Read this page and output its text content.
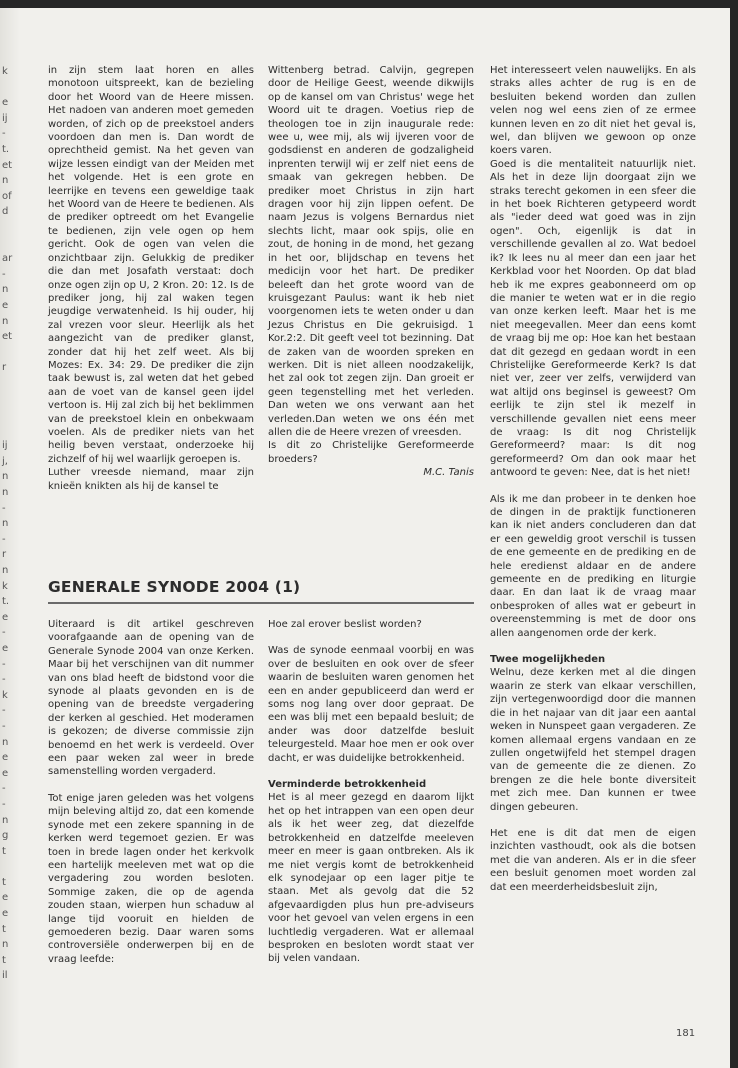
k

e
ij
-
t.
et
n
of
d

ar
-
n
e
n
et

r

ij
j,
n
n
-
n
-
r
n
k
t.
e
-
e
-
-
k
-
-
n
e
e
-
-
n
g
t

t
e
e
t
n
t
il

in zijn stem laat horen en alles monotoon uitspreekt, kan de bezieling door het Woord van de Heere missen. Het nadoen van anderen moet gemeden worden, of zich op de preekstoel anders voordoen dan men is. Dan wordt de oprechtheid gemist. Na het geven van wijze lessen eindigt van der Meiden met het volgende. Het is een grote en leerrijke en tevens een geweldige taak het Woord van de Heere te bedienen. Als de prediker optreedt om het Evangelie te bedienen, zijn vele ogen op hem gericht. Ook de ogen van velen die onzichtbaar zijn. Gelukkig de prediker die dan met Josafath verstaat: doch onze ogen zijn op U, 2 Kron. 20: 12. Is de prediker jong, hij zal waken tegen jeugdige verwatenheid. Is hij ouder, hij zal vrezen voor sleur. Heerlijk als het aangezicht van de prediker glanst, zonder dat hij het zelf weet. Als bij Mozes: Ex. 34: 29. De prediker die zijn taak bewust is, zal weten dat het gebed aan de voet van de kansel geen ijdel vertoon is. Hij zal zich bij het beklimmen van de preekstoel klein en onbekwaam voelen. Als de prediker niets van het heilig beven verstaat, onderzoeke hij zichzelf of hij wel waarlijk geroepen is.

Luther vreesde niemand, maar zijn knieën knikten als hij de kansel te

Wittenberg betrad. Calvijn, gegrepen door de Heilige Geest, weende dikwijls op de kansel om van Christus' wege het Woord uit te dragen. Voetius riep de theologen toe in zijn inaugurale rede: wee u, wee mij, als wij ijveren voor de godsdienst en anderen de godzaligheid inprenten terwijl wij er zelf niet eens de smaak van gekregen hebben. De prediker moet Christus in zijn hart dragen voor hij zijn lippen oefent. De naam Jezus is volgens Bernardus niet slechts licht, maar ook spijs, olie en zout, de honing in de mond, het gezang in het oor, blijdschap en tevens het medicijn voor het hart. De prediker beleeft dan het grote woord van de kruisgezant Paulus: want ik heb niet voorgenomen iets te weten onder u dan Jezus Christus en Die gekruisigd. 1 Kor.2:2. Dit geeft veel tot bezinning. Dat de zaken van de woorden spreken en werken. Dit is niet alleen noodzakelijk, het zal ook tot zegen zijn. Dan groeit er geen tegenstelling met het verleden. Dan weten we ons verwant aan het verleden.Dan weten we ons één met allen die de Heere vrezen of vreesden.

Is dit zo Christelijke Gereformeerde broeders?

M.C. Tanis

Het interesseert velen nauwelijks. En als straks alles achter de rug is en de besluiten bekend worden dan zullen velen nog wel eens zien of ze ermee kunnen leven en zo dit niet het geval is, wel, dan blijven we gewoon op onze koers varen.

Goed is die mentaliteit natuurlijk niet. Als het in deze lijn doorgaat zijn we straks terecht gekomen in een sfeer die in het boek Richteren getypeerd wordt als "ieder deed wat goed was in zijn ogen". Och, eigenlijk is dat in verschillende gevallen al zo. Wat bedoel ik? Ik lees nu al meer dan een jaar het Kerkblad voor het Noorden. Op dat blad heb ik me expres geabonneerd om op die manier te weten wat er in die regio van onze kerken leeft. Maar het is me niet meegevallen. Meer dan eens komt de vraag bij me op: Hoe kan het bestaan dat dit gezegd en gedaan wordt in een Christelijke Gereformeerde Kerk? Is dat niet ver, zeer ver zelfs, verwijderd van wat altijd ons beginsel is geweest? Om eerlijk te zijn stel ik mezelf in verschillende gevallen niet eens meer de vraag: Is dit nog Christelijk Gereformeerd? maar: Is dit nog gereformeerd? Om dan ook maar het antwoord te geven: Nee, dat is het niet!

Als ik me dan probeer in te denken hoe de dingen in de praktijk functioneren kan ik niet anders concluderen dan dat er een geweldig groot verschil is tussen de ene gemeente en de prediking en de hele eredienst aldaar en de andere gemeente en de prediking en liturgie daar. En dan laat ik de vraag maar onbesproken of alles wat er gebeurt in overeenstemming is met de door ons allen aangenomen orde der kerk.

Twee mogelijkheden

Welnu, deze kerken met al die dingen waarin ze sterk van elkaar verschillen, zijn vertegenwoordigd door die mannen die in het najaar van dit jaar een aantal weken in Nunspeet gaan vergaderen. Ze komen allemaal ergens vandaan en ze zullen ongetwijfeld het stempel dragen van de gemeente die ze dienen. Zo brengen ze die hele bonte diversiteit met zich mee. Dan kunnen er twee dingen gebeuren.

Het ene is dit dat men de eigen inzichten vasthoudt, ook als die botsen met die van anderen. Als er in die sfeer een besluit genomen moet worden zal dat een meerderheidsbesluit zijn,

GENERALE SYNODE 2004 (1)

Uiteraard is dit artikel geschreven voorafgaande aan de opening van de Generale Synode 2004 van onze Kerken. Maar bij het verschijnen van dit nummer van ons blad heeft de bidstond voor die synode al plaats gevonden en is de opening van de breedste vergadering der kerken al geschied. Het moderamen is gekozen; de diverse commissie zijn benoemd en het werk is verdeeld. Over een paar weken zal weer in brede samenstelling worden vergaderd.

Tot enige jaren geleden was het volgens mijn beleving altijd zo, dat een komende synode met een zekere spanning in de kerken werd tegemoet gezien. Er was toen in brede lagen onder het kerkvolk een hartelijk meeleven met wat op die vergadering zou worden besloten. Sommige zaken, die op de agenda zouden staan, wierpen hun schaduw al lange tijd vooruit en hielden de gemoederen bezig. Daar waren soms controversiële onderwerpen bij en de vraag leefde:

Hoe zal erover beslist worden?

Was de synode eenmaal voorbij en was over de besluiten en ook over de sfeer waarin de besluiten waren genomen het een en ander gepubliceerd dan werd er soms nog lang over door gepraat. De een was blij met een bepaald besluit; de ander was door datzelfde besluit teleurgesteld. Maar hoe men er ook over dacht, er was duidelijke betrokkenheid.

Verminderde betrokkenheid

Het is al meer gezegd en daarom lijkt het op het intrappen van een open deur als ik het weer zeg, dat diezelfde betrokkenheid en datzelfde meeleven meer en meer is gaan ontbreken. Als ik me niet vergis komt de betrokkenheid elk synodejaar op een lager pitje te staan. Met als gevolg dat die 52 afgevaardigden plus hun pre-adviseurs voor het gevoel van velen ergens in een luchtledig vergaderen. Wat er allemaal besproken en besloten wordt staat ver bij velen vandaan.

181
